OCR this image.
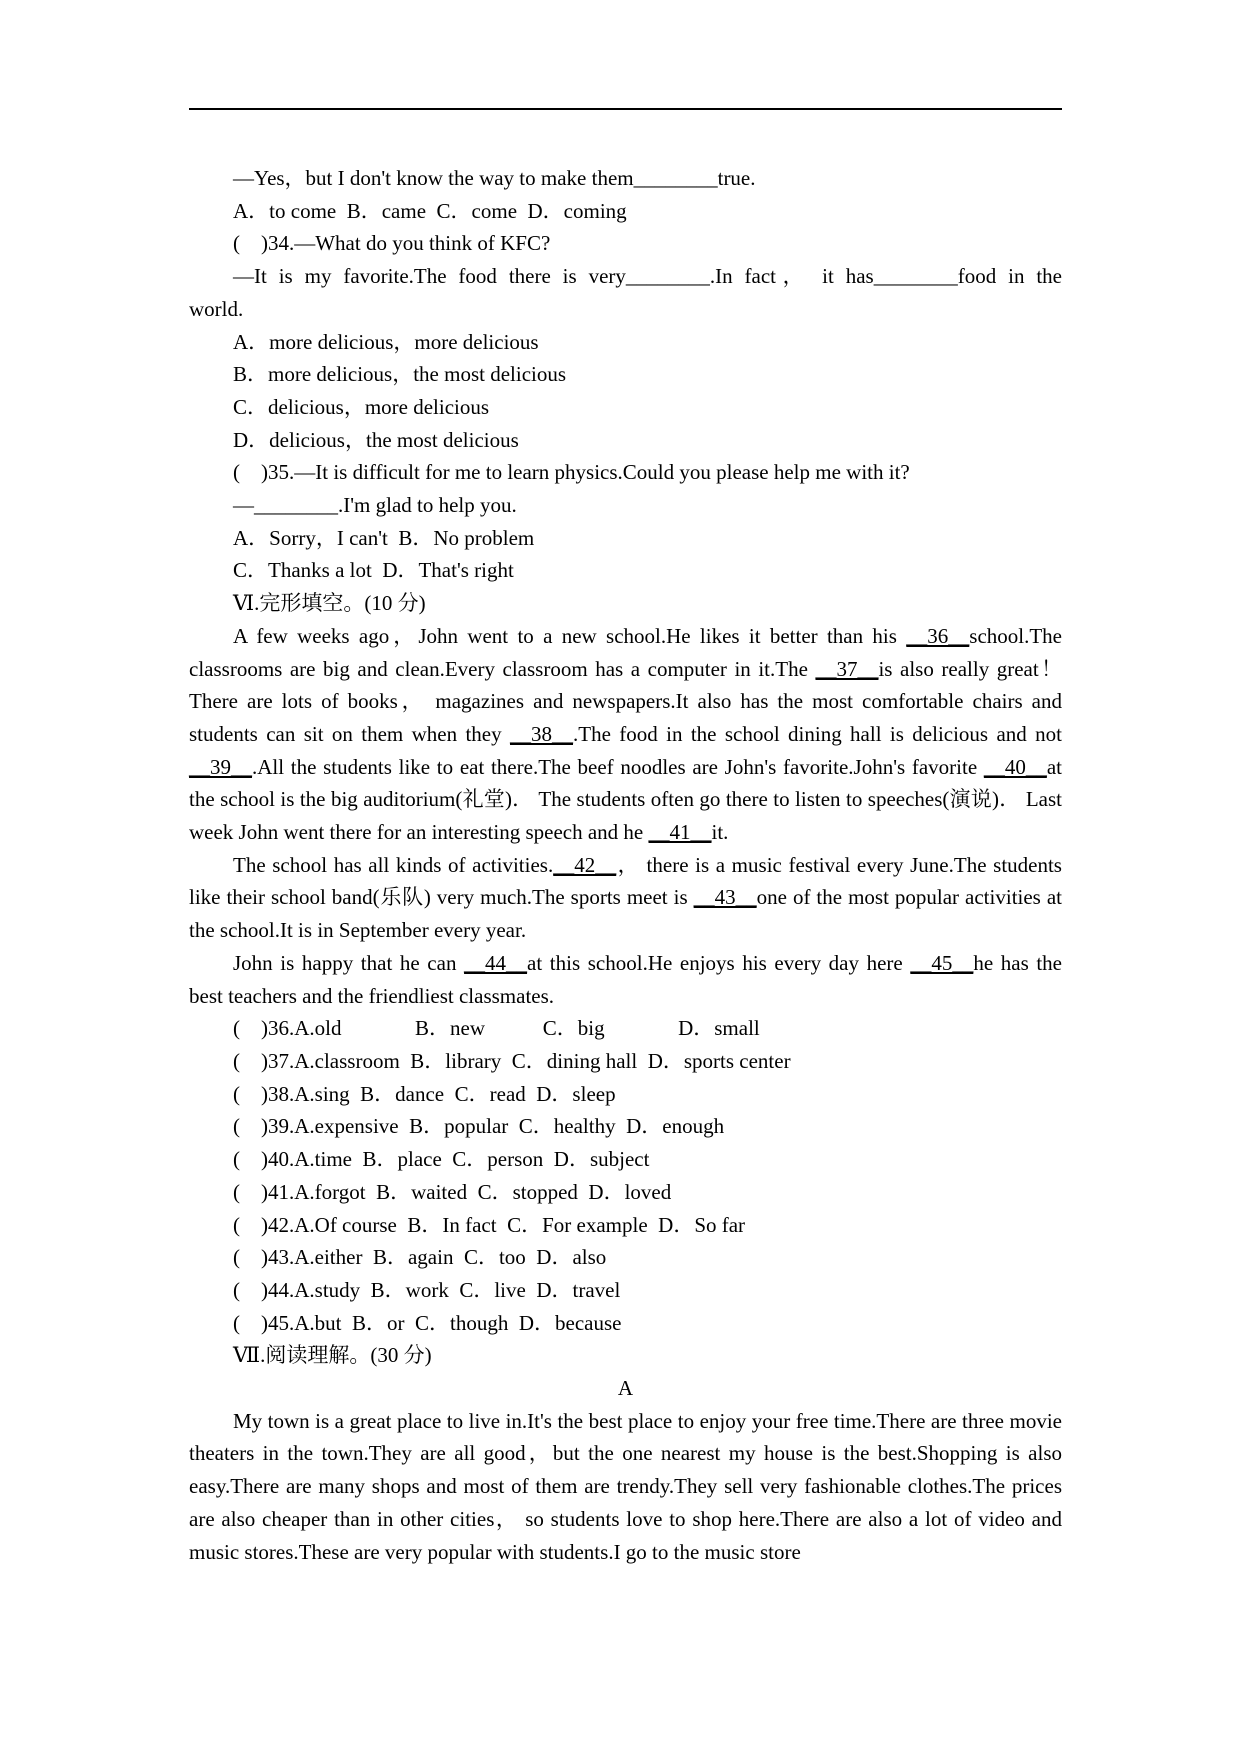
—Yes，but I don't know the way to make them________true.
A．to come  B．came  C．come  D．coming
(    )34.—What do you think of KFC?
—It is my favorite.The food there is very________.In fact， it has________food in the
world.
A．more delicious，more delicious
B．more delicious，the most delicious
C．delicious，more delicious
D．delicious，the most delicious
(    )35.—It is difficult for me to learn physics.Could you please help me with it?
—________.I'm glad to help you.
A．Sorry，I can't  B．No problem
C．Thanks a lot  D．That's right
Ⅵ.完形填空。(10 分)
A few weeks ago，John went to a new school.He likes it better than his __36__school.The classrooms are big and clean.Every classroom has a computer in it.The __37__is also really great！ There are lots of books， magazines and newspapers.It also has the most comfortable chairs and students can sit on them when they __38__.The food in the school dining hall is delicious and not __39__.All the students like to eat there.The beef noodles are John's favorite.John's favorite __40__at the school is the big auditorium(礼堂)． The students often go there to listen to speeches(演说)． Last week John went there for an interesting speech and he __41__it.
The school has all kinds of activities.__42__， there is a music festival every June.The students like their school band(乐队) very much.The sports meet is __43__one of the most popular activities at the school.It is in September every year.
John is happy that he can __44__at this school.He enjoys his every day here __45__he has the best teachers and the friendliest classmates.
(    )36.A.old              B．new           C．big              D．small
(    )37.A.classroom  B．library  C．dining hall  D．sports center
(    )38.A.sing  B．dance  C．read  D．sleep
(    )39.A.expensive  B．popular  C．healthy  D．enough
(    )40.A.time  B．place  C．person  D．subject
(    )41.A.forgot  B．waited  C．stopped  D．loved
(    )42.A.Of course  B．In fact  C．For example  D．So far
(    )43.A.either  B．again  C．too  D．also
(    )44.A.study  B．work  C．live  D．travel
(    )45.A.but  B．or  C．though  D．because
Ⅶ.阅读理解。(30 分)
A
My town is a great place to live in.It's the best place to enjoy your free time.There are three movie theaters in the town.They are all good，but the one nearest my house is the best.Shopping is also easy.There are many shops and most of them are trendy.They sell very fashionable clothes.The prices are also cheaper than in other cities， so students love to shop here.There are also a lot of video and music stores.These are very popular with students.I go to the music store
